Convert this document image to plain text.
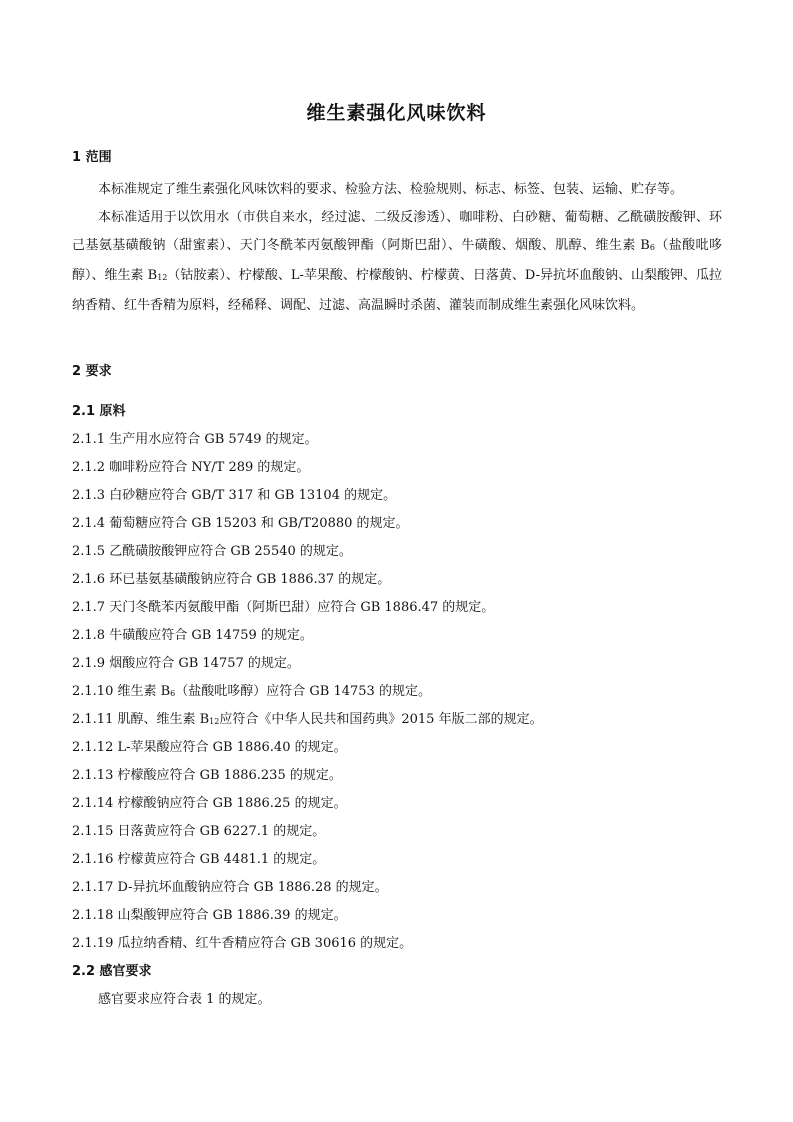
维生素强化风味饮料
1 范围

本标准规定了维生素强化风味饮料的要求、检验方法、检验规则、标志、标签、包装、运输、贮存等。

本标准适用于以饮用水（市供自来水，经过滤、二级反渗透）、咖啡粉、白砂糖、葡萄糖、乙酰磺胺酸钾、环己基氨基磺酸钠（甜蜜素）、天门冬酰苯丙氨酸钾酯（阿斯巴甜）、牛磺酸、烟酸、肌醇、维生素 $B_6$（盐酸吡哆醇）、维生素 $B_{12}$（钴胺素）、柠檬酸、L-苹果酸、柠檬酸钠、柠檬黄、日落黄、D-异抗坏血酸钠、山梨酸钾、瓜拉纳香精、红牛香精为原料，经稀释、调配、过滤、高温瞬时杀菌、灌装而制成维生素强化风味饮料。

2 要求
2.1 原料
2.1.1 生产用水应符合 GB 5749 的规定。
2.1.2 咖啡粉应符合 NY/T 289 的规定。
2.1.3 白砂糖应符合 GB/T 317 和 GB 13104 的规定。
2.1.4 葡萄糖应符合 GB 15203 和 GB/T20880 的规定。
2.1.5 乙酰磺胺酸钾应符合 GB 25540 的规定。
2.1.6 环已基氨基磺酸钠应符合 GB 1886.37 的规定。
2.1.7 天门冬酰苯丙氨酸甲酯（阿斯巴甜）应符合 GB 1886.47 的规定。
2.1.8 牛磺酸应符合 GB 14759 的规定。
2.1.9 烟酸应符合 GB 14757 的规定。
2.1.10 维生素 $B_6$（盐酸吡哆醇）应符合 GB 14753 的规定。
2.1.11 肌醇、维生素 $B_{12}$应符合《中华人民共和国药典》2015 年版二部的规定。
2.1.12 L-苹果酸应符合 GB 1886.40 的规定。
2.1.13 柠檬酸应符合 GB 1886.235 的规定。
2.1.14 柠檬酸钠应符合 GB 1886.25 的规定。
2.1.15 日落黄应符合 GB 6227.1 的规定。
2.1.16 柠檬黄应符合 GB 4481.1 的规定。
2.1.17 D-异抗坏血酸钠应符合 GB 1886.28 的规定。
2.1.18 山梨酸钾应符合 GB 1886.39 的规定。
2.1.19 瓜拉纳香精、红牛香精应符合 GB 30616 的规定。
2.2 感官要求
感官要求应符合表 1 的规定。
